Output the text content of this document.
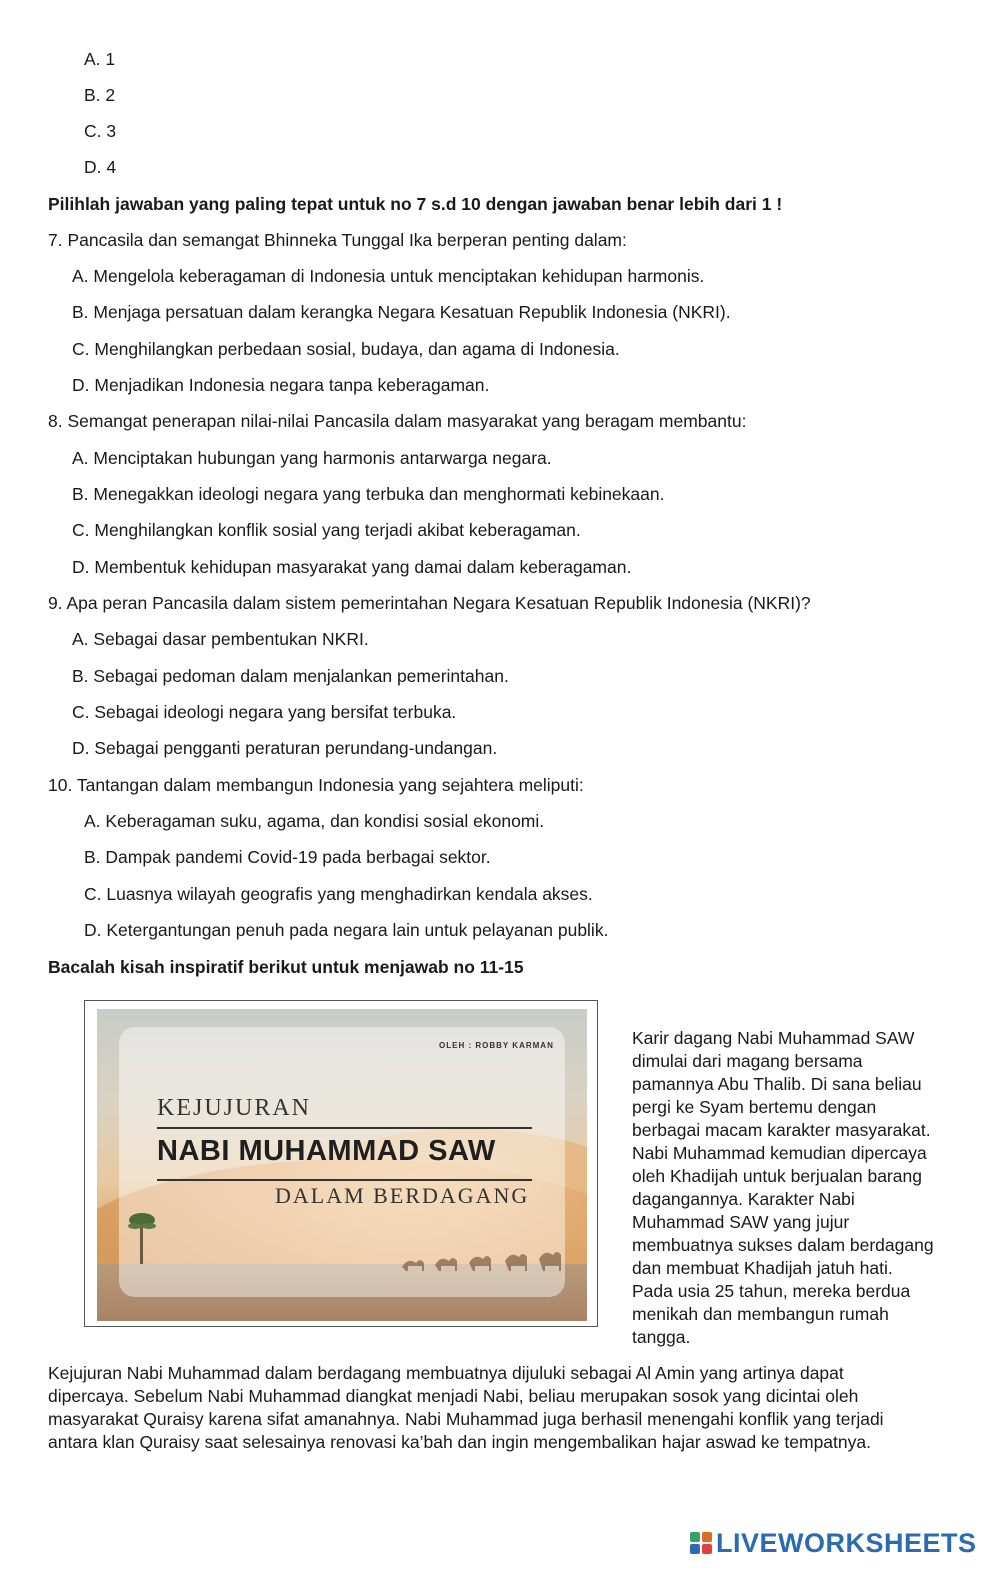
A. 1
B. 2
C. 3
D. 4
Pilihlah jawaban yang paling tepat untuk no 7 s.d 10 dengan jawaban benar lebih dari 1 !
7. Pancasila dan semangat Bhinneka Tunggal Ika berperan penting dalam:
A. Mengelola keberagaman di Indonesia untuk menciptakan kehidupan harmonis.
B. Menjaga persatuan dalam kerangka Negara Kesatuan Republik Indonesia (NKRI).
C. Menghilangkan perbedaan sosial, budaya, dan agama di Indonesia.
D. Menjadikan Indonesia negara tanpa keberagaman.
8. Semangat penerapan nilai-nilai Pancasila dalam masyarakat yang beragam membantu:
A. Menciptakan hubungan yang harmonis antarwarga negara.
B. Menegakkan ideologi negara yang terbuka dan menghormati kebinekaan.
C. Menghilangkan konflik sosial yang terjadi akibat keberagaman.
D. Membentuk kehidupan masyarakat yang damai dalam keberagaman.
9. Apa peran Pancasila dalam sistem pemerintahan Negara Kesatuan Republik Indonesia (NKRI)?
A. Sebagai dasar pembentukan NKRI.
B. Sebagai pedoman dalam menjalankan pemerintahan.
C. Sebagai ideologi negara yang bersifat terbuka.
D. Sebagai pengganti peraturan perundang-undangan.
10. Tantangan dalam membangun Indonesia yang sejahtera meliputi:
A. Keberagaman suku, agama, dan kondisi sosial ekonomi.
B. Dampak pandemi Covid-19 pada berbagai sektor.
C. Luasnya wilayah geografis yang menghadirkan kendala akses.
D. Ketergantungan penuh pada negara lain untuk pelayanan publik.
Bacalah kisah inspiratif berikut untuk menjawab no 11-15
OLEH : ROBBY KARMAN
KEJUJURAN
NABI MUHAMMAD SAW
DALAM BERDAGANG
Karir dagang Nabi Muhammad SAW
dimulai dari magang bersama
pamannya Abu Thalib. Di sana beliau
pergi ke Syam bertemu dengan
berbagai macam karakter masyarakat.
Nabi Muhammad kemudian dipercaya
oleh Khadijah untuk berjualan barang
dagangannya. Karakter Nabi
Muhammad SAW yang jujur
membuatnya sukses dalam berdagang
dan membuat Khadijah jatuh hati.
Pada usia 25 tahun, mereka berdua
menikah dan membangun rumah
tangga.
Kejujuran Nabi Muhammad dalam berdagang membuatnya dijuluki sebagai Al Amin yang artinya dapat
dipercaya. Sebelum Nabi Muhammad diangkat menjadi Nabi, beliau merupakan sosok yang dicintai oleh
masyarakat Quraisy karena sifat amanahnya. Nabi Muhammad juga berhasil menengahi konflik yang terjadi
antara klan Quraisy saat selesainya renovasi ka’bah dan ingin mengembalikan hajar aswad ke tempatnya.
LIVEWORKSHEETS
